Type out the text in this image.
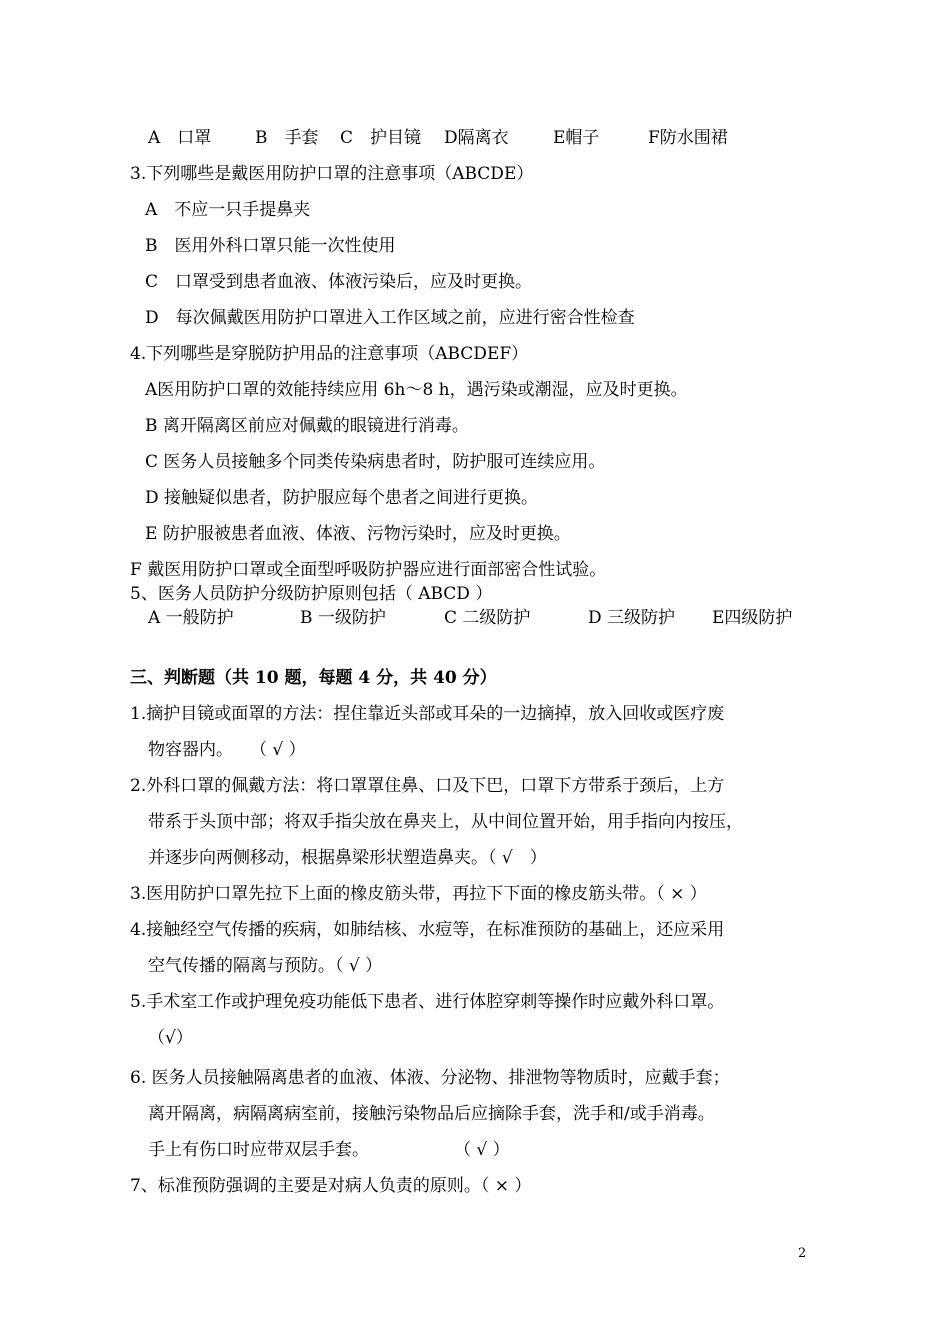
A　口罩	B　手套 C　护目镜 D隔离衣	E帽子	F防水围裙
3.下列哪些是戴医用防护口罩的注意事项（ABCDE）
A　不应一只手提鼻夹
B　医用外科口罩只能一次性使用
C　口罩受到患者血液、体液污染后，应及时更换。
D　每次佩戴医用防护口罩进入工作区域之前，应进行密合性检查
4.下列哪些是穿脱防护用品的注意事项（ABCDEF）
A医用防护口罩的效能持续应用 6h～8 h，遇污染或潮湿，应及时更换。
B 离开隔离区前应对佩戴的眼镜进行消毒。
C 医务人员接触多个同类传染病患者时，防护服可连续应用。
D 接触疑似患者，防护服应每个患者之间进行更换。
E 防护服被患者血液、体液、污物污染时，应及时更换。
F 戴医用防护口罩或全面型呼吸防护器应进行面部密合性试验。
5、医务人员防护分级防护原则包括（ ABCD ）
A 一般防护	B 一级防护	C 二级防护	D 三级防护 E四级防护
三、判断题（共 10 题，每题 4 分，共 40 分）
1.摘护目镜或面罩的方法：捏住靠近头部或耳朵的一边摘掉，放入回收或医疗废
物容器内。　　（ √ ）
2.外科口罩的佩戴方法：将口罩罩住鼻、口及下巴，口罩下方带系于颈后，上方
带系于头顶中部；将双手指尖放在鼻夹上，从中间位置开始，用手指向内按压，
并逐步向两侧移动，根据鼻梁形状塑造鼻夹。（ √　）
3.医用防护口罩先拉下上面的橡皮筋头带，再拉下下面的橡皮筋头带。（ × ）
4.接触经空气传播的疾病，如肺结核、水痘等，在标准预防的基础上，还应采用
空气传播的隔离与预防。（ √ ）
5.手术室工作或护理免疫功能低下患者、进行体腔穿刺等操作时应戴外科口罩。
（√）
6. 医务人员接触隔离患者的血液、体液、分泌物、排泄物等物质时，应戴手套；
离开隔离，病隔离病室前，接触污染物品后应摘除手套，洗手和/或手消毒。
手上有伤口时应带双层手套。　　　　　　（ √ ）
7、标准预防强调的主要是对病人负责的原则。（ × ）
2
